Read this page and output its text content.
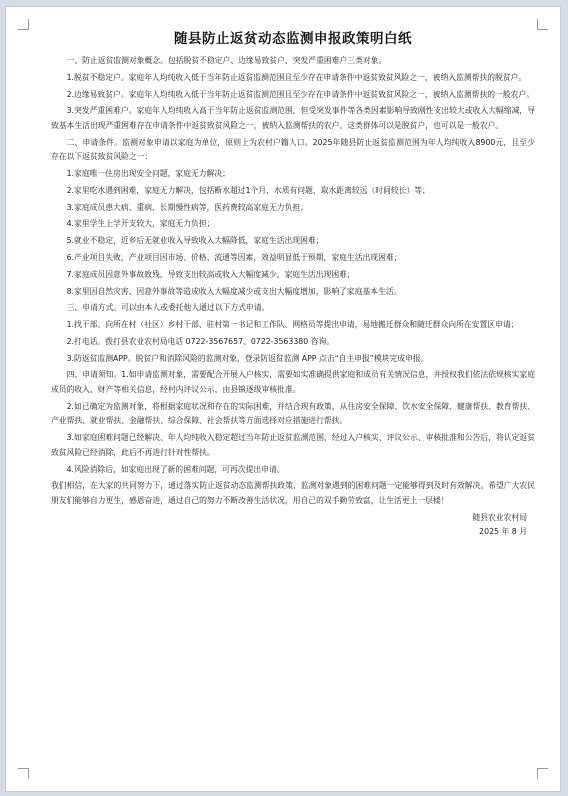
随县防止返贫动态监测申报政策明白纸

一、防止返贫监测对象概念。包括脱贫不稳定户、边缘易致贫户、突发严重困难户三类对象。

1.脱贫不稳定户。家庭年人均纯收入低于当年防止返贫监测范围且至少存在申请条件中返贫致贫风险之一，被纳入监测帮扶的脱贫户。

2.边缘易致贫户。家庭年人均纯收入低于当年防止返贫监测范围且至少存在申请条件中返贫致贫风险之一，被纳入监测帮扶的一般农户。

3.突发严重困难户。家庭年人均纯收入高于当年防止返贫监测范围，但受突发事件等各类因素影响导致刚性支出较大或收入大幅缩减，导致基本生活出现严重困难存在申请条件中返贫致贫风险之一，被纳入监测帮扶的农户。这类群体可以是脱贫户，也可以是一般农户。

二、申请条件。监测对象申请以家庭为单位，原则上为农村户籍人口。2025年随县防止返贫监测范围为年人均纯收入8900元，且至少存在以下返贫致贫风险之一：

1.家庭唯一住房出现安全问题，家庭无力解决；

2.家里吃水遇到困难，家庭无力解决，包括断水超过1个月，水质有问题、取水距离较远（时间较长）等；

3.家庭成员患大病、重病、长期慢性病等，医药费较高家庭无力负担；

4.家里学生上学开支较大，家庭无力负担；

5.就业不稳定，近乡后无就业收入导致收入大幅降低，家庭生活出现困难；

6.产业项目失败，产业项目因市场、价格、流通等因素，效益明显低于预期，家庭生活出现困难；

7.家庭成员因意外事故致残，导致支出较高或收入大幅度减少，家庭生活出现困难；

8.家里因自然灾害、因意外事故等造成收入大幅度减少或支出大幅度增加，影响了家庭基本生活。

三、申请方式。可以由本人或委托他人通过以下方式申请。

1.找干部。向所在村（社区）乡村干部、驻村第一书记和工作队、网格员等提出申请，易地搬迁群众和随迁群众向所在安置区申请；

2.打电话。拨打县农业农村局电话 0722-3567657、0722-3563380 咨询。

3.防返贫监测APP。脱贫户和消除风险的监测对象，登录防返贫监测 APP 点击“自主申报”模块完成申报。

四、申请须知。1.如申请监测对象，需要配合开展入户核实，需要如实准确提供家庭和成员有关情况信息，并授权我们依法依规核实家庭成员的收入、财产等相关信息，经村内评议公示，由县镇逐级审核批准。

2.如已确定为监测对象，将根据家庭状况和存在的实际困难，并结合现有政策，从住房安全保障、饮水安全保障、健康帮扶、教育帮扶、产业帮扶、就业帮扶、金融帮扶、综合保障、社会帮扶等方面选择对应措施进行帮扶。

3.如家庭困难问题已经解决、年人均纯收入稳定超过当年防止返贫监测范围，经过入户核实、评议公示、审核批准和公告后，将认定返贫致贫风险已经消除，此后不再进行针对性帮扶。

4.风险消除后，如家庭出现了新的困难问题，可再次提出申请。

我们相信，在大家的共同努力下，通过落实防止返贫动态监测帮扶政策，监测对象遇到的困难问题一定能够得到及时有效解决。希望广大农民朋友们能够自力更生，感恩奋进，通过自己的努力不断改善生活状况，用自己的双手勤劳致富，让生活更上一层楼！

随县农业农村局
2025 年 8 月
